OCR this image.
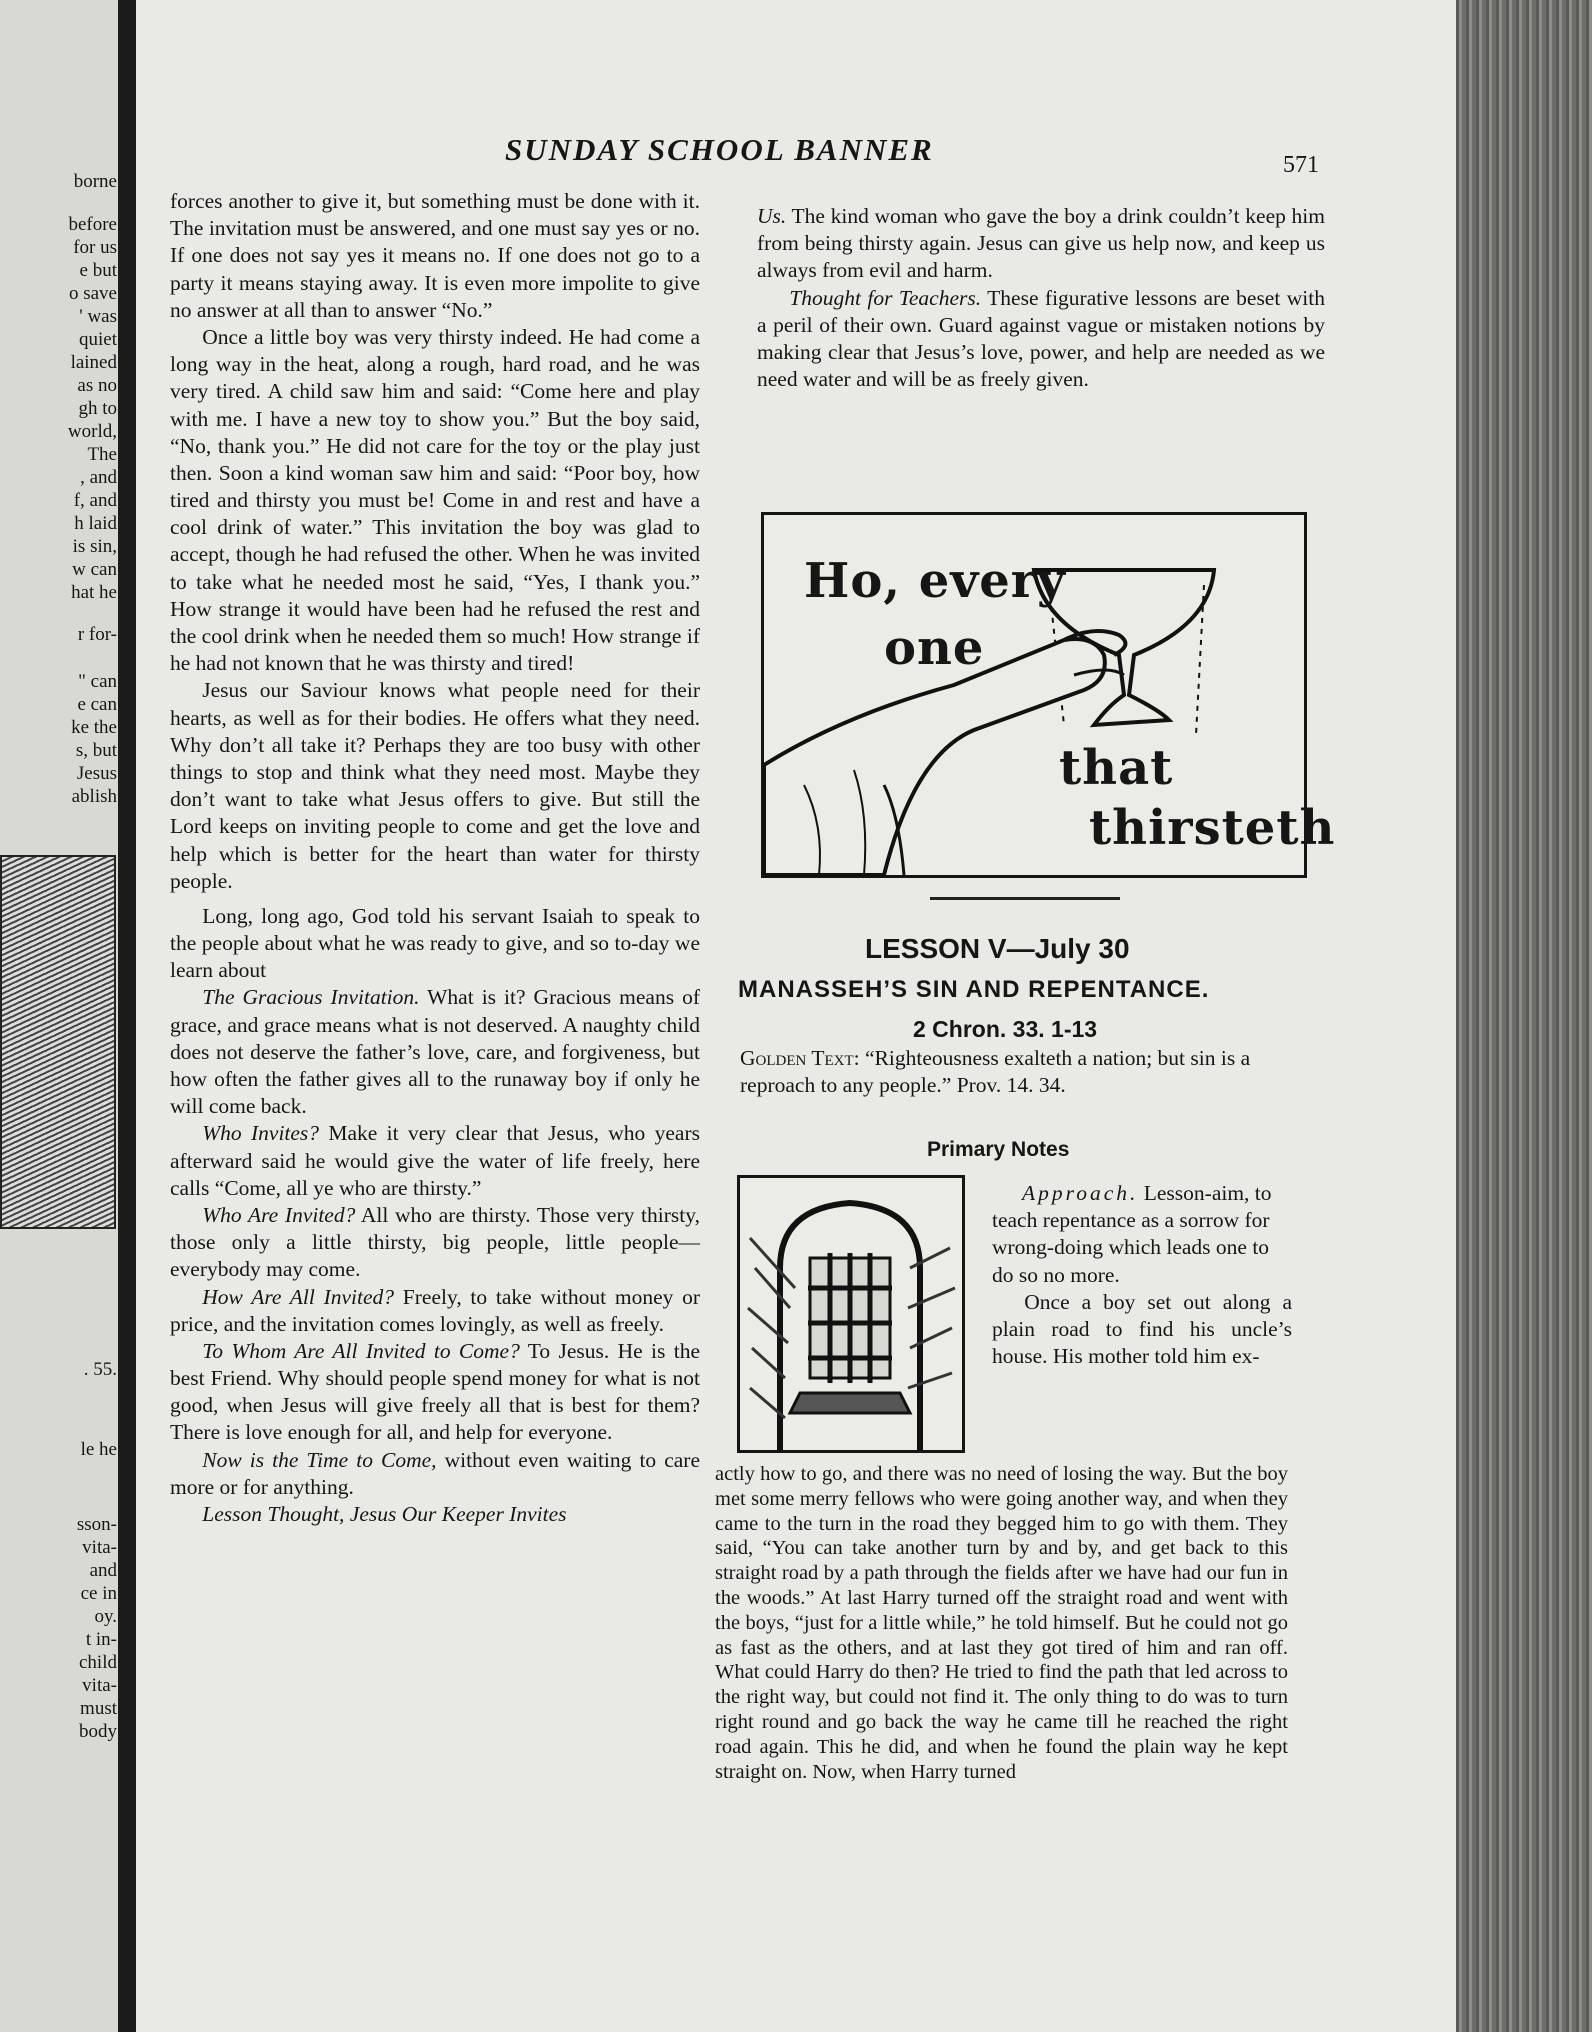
borne
before
for us
e but
o save
' was
quiet
lained
as no
gh to
world,
The
, and
f, and
h laid
is sin,
w can
hat he
r for-
" can
e can
ke the
s, but
Jesus
ablish
. 55.
le he
sson-
vita-
and
ce in
oy.
t in-
child
vita-
must
body
SUNDAY SCHOOL BANNER	571

forces another to give it, but something must be done with it. The invitation must be answered, and one must say yes or no. If one does not say yes it means no. If one does not go to a party it means staying away. It is even more impolite to give no answer at all than to answer “No.”

Once a little boy was very thirsty indeed. He had come a long way in the heat, along a rough, hard road, and he was very tired. A child saw him and said: “Come here and play with me. I have a new toy to show you.” But the boy said, “No, thank you.” He did not care for the toy or the play just then. Soon a kind woman saw him and said: “Poor boy, how tired and thirsty you must be! Come in and rest and have a cool drink of water.” This invitation the boy was glad to accept, though he had refused the other. When he was invited to take what he needed most he said, “Yes, I thank you.” How strange it would have been had he refused the rest and the cool drink when he needed them so much! How strange if he had not known that he was thirsty and tired!

Jesus our Saviour knows what people need for their hearts, as well as for their bodies. He offers what they need. Why don’t all take it? Perhaps they are too busy with other things to stop and think what they need most. Maybe they don’t want to take what Jesus offers to give. But still the Lord keeps on inviting people to come and get the love and help which is better for the heart than water for thirsty people.

Long, long ago, God told his servant Isaiah to speak to the people about what he was ready to give, and so to-day we learn about

The Gracious Invitation. What is it? Gracious means of grace, and grace means what is not deserved. A naughty child does not deserve the father’s love, care, and forgiveness, but how often the father gives all to the runaway boy if only he will come back.

Who Invites? Make it very clear that Jesus, who years afterward said he would give the water of life freely, here calls “Come, all ye who are thirsty.”

Who Are Invited? All who are thirsty. Those very thirsty, those only a little thirsty, big people, little people—everybody may come.

How Are All Invited? Freely, to take without money or price, and the invitation comes lovingly, as well as freely.

To Whom Are All Invited to Come? To Jesus. He is the best Friend. Why should people spend money for what is not good, when Jesus will give freely all that is best for them? There is love enough for all, and help for everyone.

Now is the Time to Come, without even waiting to care more or for anything.

Lesson Thought, Jesus Our Keeper Invites

Us. The kind woman who gave the boy a drink couldn’t keep him from being thirsty again. Jesus can give us help now, and keep us always from evil and harm.

Thought for Teachers. These figurative lessons are beset with a peril of their own. Guard against vague or mistaken notions by making clear that Jesus’s love, power, and help are needed as we need water and will be as freely given.

Ho, every
one
that
thirsteth
LESSON V—July 30
MANASSEH’S SIN AND REPENTANCE.
2 Chron. 33. 1-13
Golden Text: “Righteousness exalteth a nation; but sin is a reproach to any people.” Prov. 14. 34.
Primary Notes

Approach. Lesson-aim, to teach repentance as a sorrow for wrong-doing which leads one to do so no more.

Once a boy set out along a plain road to find his uncle’s house. His mother told him ex-

actly how to go, and there was no need of losing the way. But the boy met some merry fellows who were going another way, and when they came to the turn in the road they begged him to go with them. They said, “You can take another turn by and by, and get back to this straight road by a path through the fields after we have had our fun in the woods.” At last Harry turned off the straight road and went with the boys, “just for a little while,” he told himself. But he could not go as fast as the others, and at last they got tired of him and ran off. What could Harry do then? He tried to find the path that led across to the right way, but could not find it. The only thing to do was to turn right round and go back the way he came till he reached the right road again. This he did, and when he found the plain way he kept straight on. Now, when Harry turned
